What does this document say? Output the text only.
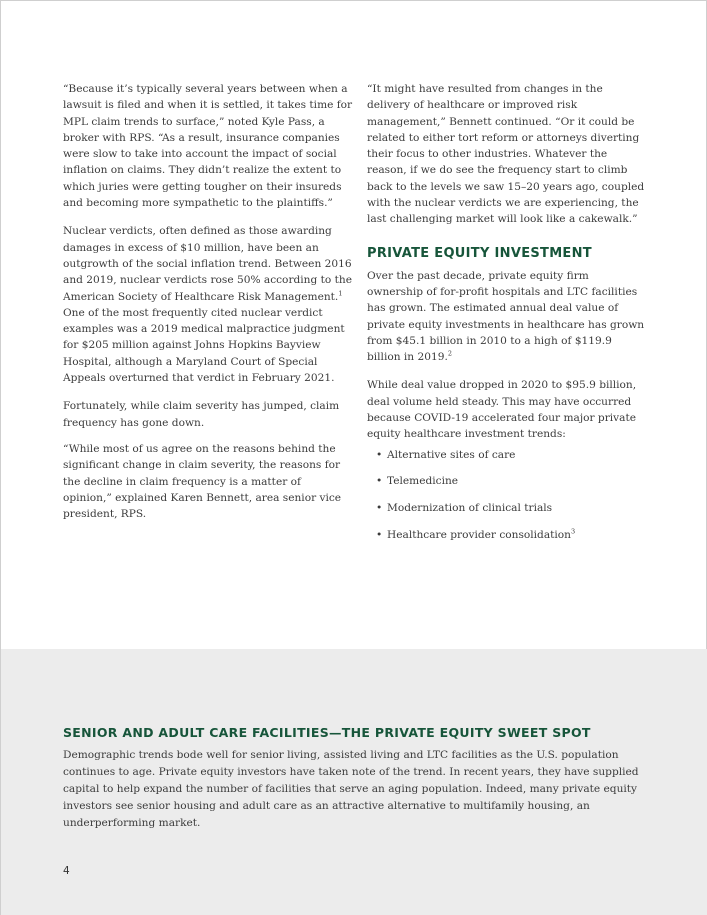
“Because it’s typically several years between when a lawsuit is filed and when it is settled, it takes time for MPL claim trends to surface,” noted Kyle Pass, a broker with RPS. “As a result, insurance companies were slow to take into account the impact of social inflation on claims. They didn’t realize the extent to which juries were getting tougher on their insureds and becoming more sympathetic to the plaintiffs.”

Nuclear verdicts, often defined as those awarding damages in excess of $10 million, have been an outgrowth of the social inflation trend. Between 2016 and 2019, nuclear verdicts rose 50% according to the American Society of Healthcare Risk Management.$^1$ One of the most frequently cited nuclear verdict examples was a 2019 medical malpractice judgment for $205 million against Johns Hopkins Bayview Hospital, although a Maryland Court of Special Appeals overturned that verdict in February 2021.

Fortunately, while claim severity has jumped, claim frequency has gone down.

“While most of us agree on the reasons behind the significant change in claim severity, the reasons for the decline in claim frequency is a matter of opinion,” explained Karen Bennett, area senior vice president, RPS.

“It might have resulted from changes in the delivery of healthcare or improved risk management,” Bennett continued. “Or it could be related to either tort reform or attorneys diverting their focus to other industries. Whatever the reason, if we do see the frequency start to climb back to the levels we saw 15–20 years ago, coupled with the nuclear verdicts we are experiencing, the last challenging market will look like a cakewalk.”

PRIVATE EQUITY INVESTMENT

Over the past decade, private equity firm ownership of for-profit hospitals and LTC facilities has grown. The estimated annual deal value of private equity investments in healthcare has grown from $45.1 billion in 2010 to a high of $119.9 billion in 2019.$^2$

While deal value dropped in 2020 to $95.9 billion, deal volume held steady. This may have occurred because COVID-19 accelerated four major private equity healthcare investment trends:

• Alternative sites of care
• Telemedicine
• Modernization of clinical trials
• Healthcare provider consolidation$^3$
SENIOR AND ADULT CARE FACILITIES—THE PRIVATE EQUITY SWEET SPOT

Demographic trends bode well for senior living, assisted living and LTC facilities as the U.S. population continues to age. Private equity investors have taken note of the trend. In recent years, they have supplied capital to help expand the number of facilities that serve an aging population. Indeed, many private equity investors see senior housing and adult care as an attractive alternative to multifamily housing, an underperforming market.

4
